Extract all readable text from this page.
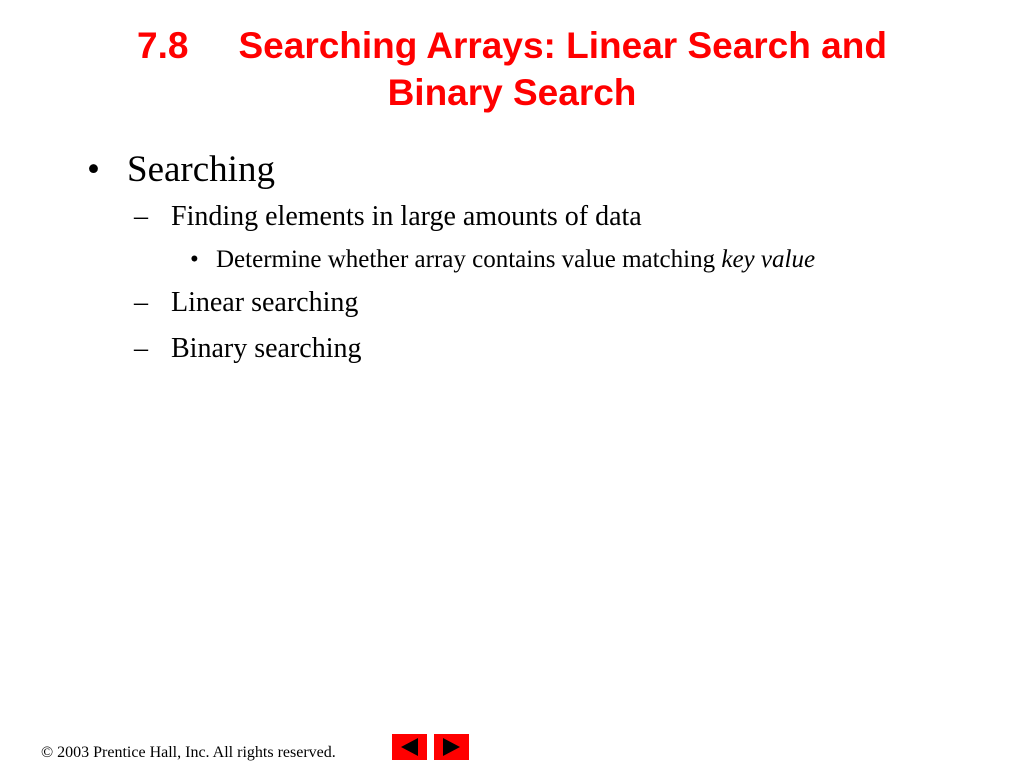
7.8 Searching Arrays: Linear Search and
Binary Search
• Searching
– Finding elements in large amounts of data
• Determine whether array contains value matching key value
– Linear searching
– Binary searching
© 2003 Prentice Hall, Inc. All rights reserved.
